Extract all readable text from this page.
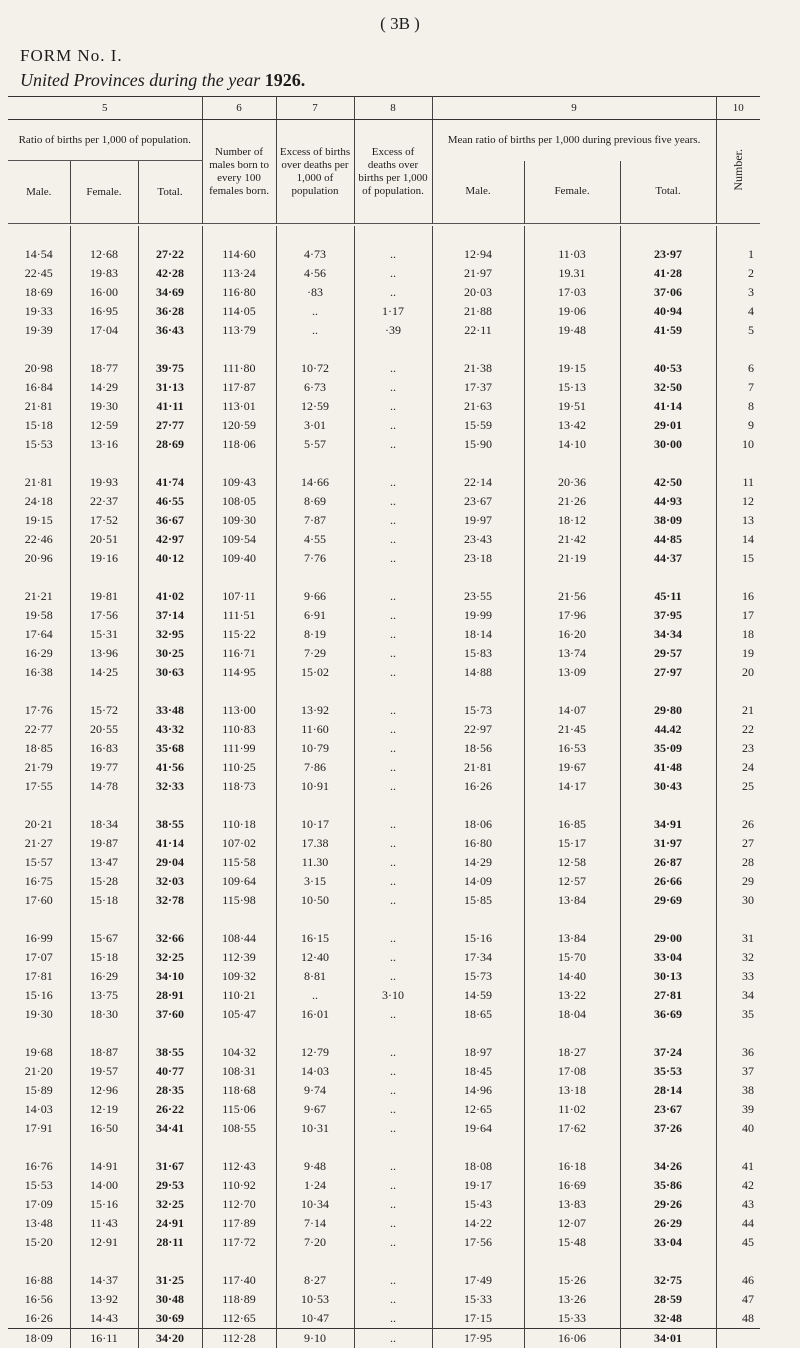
( 3B )
FORM No. I.
United Provinces during the year 1926.
5			6	7	8	9			10
Ratio of births per 1,000 of population.			Number of males born to every 100 females born.	Excess of births over deaths per 1,000 of population	Excess of deaths over births per 1,000 of population.	Mean ratio of births per 1,000 during previous five years.			Number.
Male.	Female.	Total.				Male.	Female.	Total.	

14·54	12·68	27·22	114·60	4·73	..	12·94	11·03	23·97	1
22·45	19·83	42·28	113·24	4·56	..	21·97	19.31	41·28	2
18·69	16·00	34·69	116·80	·83	..	20·03	17·03	37·06	3
19·33	16·95	36·28	114·05	..	1·17	21·88	19·06	40·94	4
19·39	17·04	36·43	113·79	..	·39	22·11	19·48	41·59	5

20·98	18·77	39·75	111·80	10·72	..	21·38	19·15	40·53	6
16·84	14·29	31·13	117·87	6·73	..	17·37	15·13	32·50	7
21·81	19·30	41·11	113·01	12·59	..	21·63	19·51	41·14	8
15·18	12·59	27·77	120·59	3·01	..	15·59	13·42	29·01	9
15·53	13·16	28·69	118·06	5·57	..	15·90	14·10	30·00	10

21·81	19·93	41·74	109·43	14·66	..	22·14	20·36	42·50	11
24·18	22·37	46·55	108·05	8·69	..	23·67	21·26	44·93	12
19·15	17·52	36·67	109·30	7·87	..	19·97	18·12	38·09	13
22·46	20·51	42·97	109·54	4·55	..	23·43	21·42	44·85	14
20·96	19·16	40·12	109·40	7·76	..	23·18	21·19	44·37	15

21·21	19·81	41·02	107·11	9·66	..	23·55	21·56	45·11	16
19·58	17·56	37·14	111·51	6·91	..	19·99	17·96	37·95	17
17·64	15·31	32·95	115·22	8·19	..	18·14	16·20	34·34	18
16·29	13·96	30·25	116·71	7·29	..	15·83	13·74	29·57	19
16·38	14·25	30·63	114·95	15·02	..	14·88	13·09	27·97	20

17·76	15·72	33·48	113·00	13·92	..	15·73	14·07	29·80	21
22·77	20·55	43·32	110·83	11·60	..	22·97	21·45	44.42	22
18·85	16·83	35·68	111·99	10·79	..	18·56	16·53	35·09	23
21·79	19·77	41·56	110·25	7·86	..	21·81	19·67	41·48	24
17·55	14·78	32·33	118·73	10·91	..	16·26	14·17	30·43	25

20·21	18·34	38·55	110·18	10·17	..	18·06	16·85	34·91	26
21·27	19·87	41·14	107·02	17.38	..	16·80	15·17	31·97	27
15·57	13·47	29·04	115·58	11.30	..	14·29	12·58	26·87	28
16·75	15·28	32·03	109·64	3·15	..	14·09	12·57	26·66	29
17·60	15·18	32·78	115·98	10·50	..	15·85	13·84	29·69	30

16·99	15·67	32·66	108·44	16·15	..	15·16	13·84	29·00	31
17·07	15·18	32·25	112·39	12·40	..	17·34	15·70	33·04	32
17·81	16·29	34·10	109·32	8·81	..	15·73	14·40	30·13	33
15·16	13·75	28·91	110·21	..	3·10	14·59	13·22	27·81	34
19·30	18·30	37·60	105·47	16·01	..	18·65	18·04	36·69	35

19·68	18·87	38·55	104·32	12·79	..	18·97	18·27	37·24	36
21·20	19·57	40·77	108·31	14·03	..	18·45	17·08	35·53	37
15·89	12·96	28·35	118·68	9·74	..	14·96	13·18	28·14	38
14·03	12·19	26·22	115·06	9·67	..	12·65	11·02	23·67	39
17·91	16·50	34·41	108·55	10·31	..	19·64	17·62	37·26	40

16·76	14·91	31·67	112·43	9·48	..	18·08	16·18	34·26	41
15·53	14·00	29·53	110·92	1·24	..	19·17	16·69	35·86	42
17·09	15·16	32·25	112·70	10·34	..	15·43	13·83	29·26	43
13·48	11·43	24·91	117·89	7·14	..	14·22	12·07	26·29	44
15·20	12·91	28·11	117·72	7·20	..	17·56	15·48	33·04	45

16·88	14·37	31·25	117·40	8·27	..	17·49	15·26	32·75	46
16·56	13·92	30·48	118·89	10·53	..	15·33	13·26	28·59	47
16·26	14·43	30·69	112·65	10·47	..	17·15	15·33	32·48	48
18·09	16·11	34·20	112·28	9·10	..	17·95	16·06	34·01	
